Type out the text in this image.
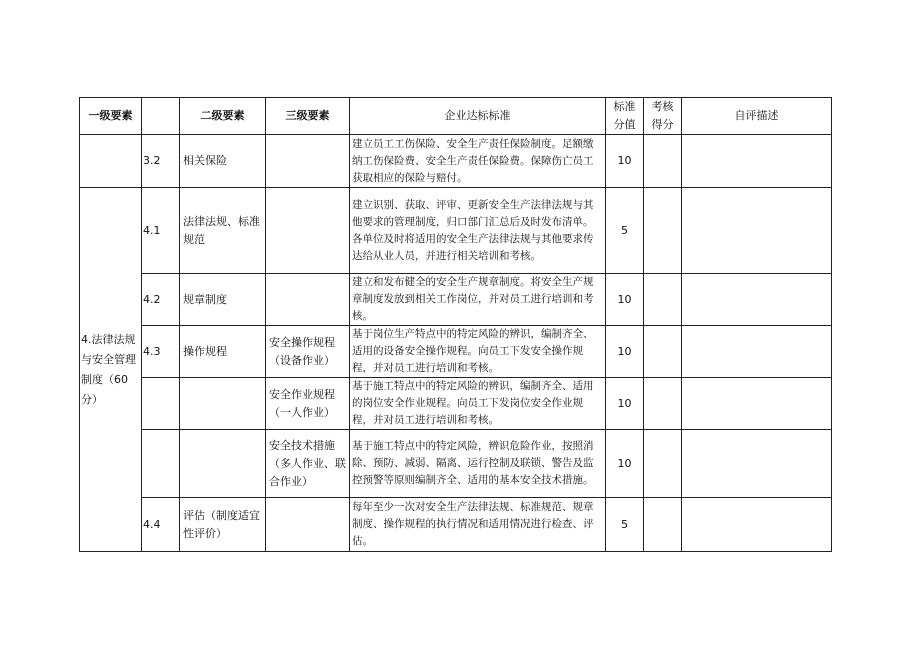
一级要素		二级要素	三级要素	企业达标标准	标准分值	考核得分	自评描述
	3.2	相关保险		建立员工工伤保险、安全生产责任保险制度。足额缴纳工伤保险费、安全生产责任保险费。保障伤亡员工获取相应的保险与赔付。	10		
4.法律法规与安全管理制度（60分）	4.1	法律法规、标准规范		建立识别、获取、评审、更新安全生产法律法规与其他要求的管理制度，归口部门汇总后及时发布清单。各单位及时将适用的安全生产法律法规与其他要求传达给从业人员，并进行相关培训和考核。	5		
	4.2	规章制度		建立和发布健全的安全生产规章制度。将安全生产规章制度发放到相关工作岗位，并对员工进行培训和考核。	10		
	4.3	操作规程	安全操作规程（设备作业）	基于岗位生产特点中的特定风险的辨识，编制齐全、适用的设备安全操作规程。向员工下发安全操作规程，并对员工进行培训和考核。	10		
			安全作业规程（一人作业）	基于施工特点中的特定风险的辨识，编制齐全、适用的岗位安全作业规程。向员工下发岗位安全作业规程，并对员工进行培训和考核。	10		
			安全技术措施（多人作业、联合作业）	基于施工特点中的特定风险，辨识危险作业，按照消除、预防、减弱、隔离、运行控制及联锁、警告及监控预警等原则编制齐全、适用的基本安全技术措施。	10		
	4.4	评估（制度适宜性评价）		每年至少一次对安全生产法律法规、标准规范、规章制度、操作规程的执行情况和适用情况进行检查、评估。	5		
